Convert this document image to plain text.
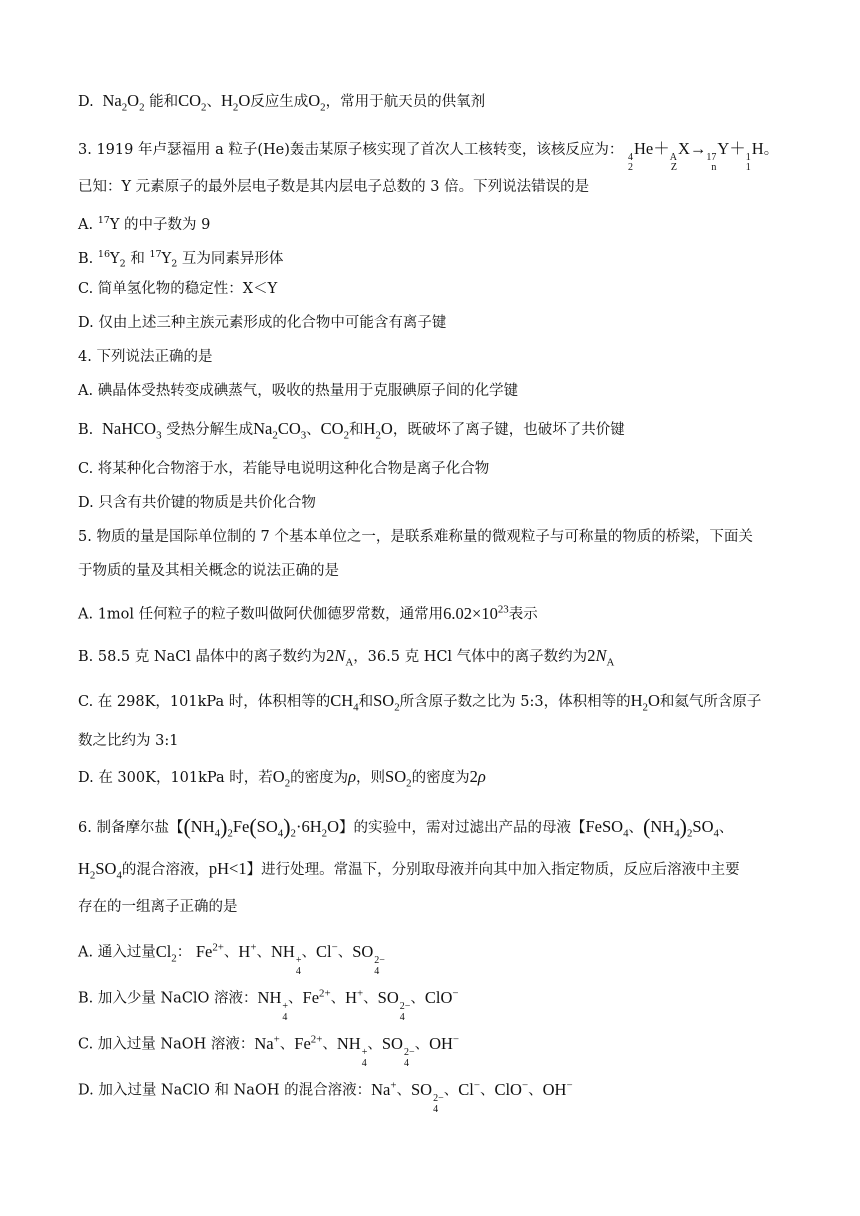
D.  $Na_2O_2$ 能和$CO_2$、$H_2O$反应生成$O_2$，常用于航天员的供氧剂
3. 1919 年卢瑟福用 a 粒子(He)轰击某原子核实现了首次人工核转变，该核反应为： 4
2
He＋ A
Z
X→ 17
n
Y＋ 1
1
H。
已知：Y 元素原子的最外层电子数是其内层电子总数的 3 倍。下列说法错误的是
A. $^{17}$Y 的中子数为 9
B. $^{16}Y_2$ 和 $^{17}Y_2$ 互为同素异形体
C. 简单氢化物的稳定性：X＜Y
D. 仅由上述三种主族元素形成的化合物中可能含有离子键
4. 下列说法正确的是
A. 碘晶体受热转变成碘蒸气，吸收的热量用于克服碘原子间的化学键
B.  NaHCO$_3$ 受热分解生成$Na_2CO_3$、$CO_2$和$H_2O$，既破坏了离子键，也破坏了共价键
C. 将某种化合物溶于水，若能导电说明这种化合物是离子化合物
D. 只含有共价键的物质是共价化合物
5. 物质的量是国际单位制的 7 个基本单位之一，是联系难称量的微观粒子与可称量的物质的桥梁，下面关
于物质的量及其相关概念的说法正确的是
A. 1mol 任何粒子的粒子数叫做阿伏伽德罗常数，通常用$6.02\times 10^{23}$表示
B. 58.5 克 NaCl 晶体中的离子数约为$2N_A$，36.5 克 HCl 气体中的离子数约为$2N_A$
C. 在 298K，101kPa 时，体积相等的$CH_4$和$SO_2$所含原子数之比为 5:3，体积相等的$H_2O$和氦气所含原子
数之比约为 3:1
D. 在 300K，101kPa 时，若$O_2$的密度为ρ，则$SO_2$的密度为2ρ
6. 制备摩尔盐【$(NH_4)_2Fe(SO_4)_2\cdot 6H_2O$】的实验中，需对过滤出产品的母液【FeSO$_4$、$(NH_4)_2SO_4$、
$H_2SO_4$的混合溶液，pH<1】进行处理。常温下，分别取母液并向其中加入指定物质，反应后溶液中主要
存在的一组离子正确的是
A. 通入过量$Cl_2$： $Fe^{2+}$、H+、NH +
4
、Cl−、SO 2−
4
B. 加入少量 NaClO 溶液：NH +
4
、$Fe^{2+}$、H+、SO 2−
4
、ClO−
C. 加入过量 NaOH 溶液：Na+、$Fe^{2+}$、NH +
4
、SO 2−
4
、OH−
D. 加入过量 NaClO 和 NaOH 的混合溶液：Na+、SO 2−
4
、Cl−、ClO−、OH−
